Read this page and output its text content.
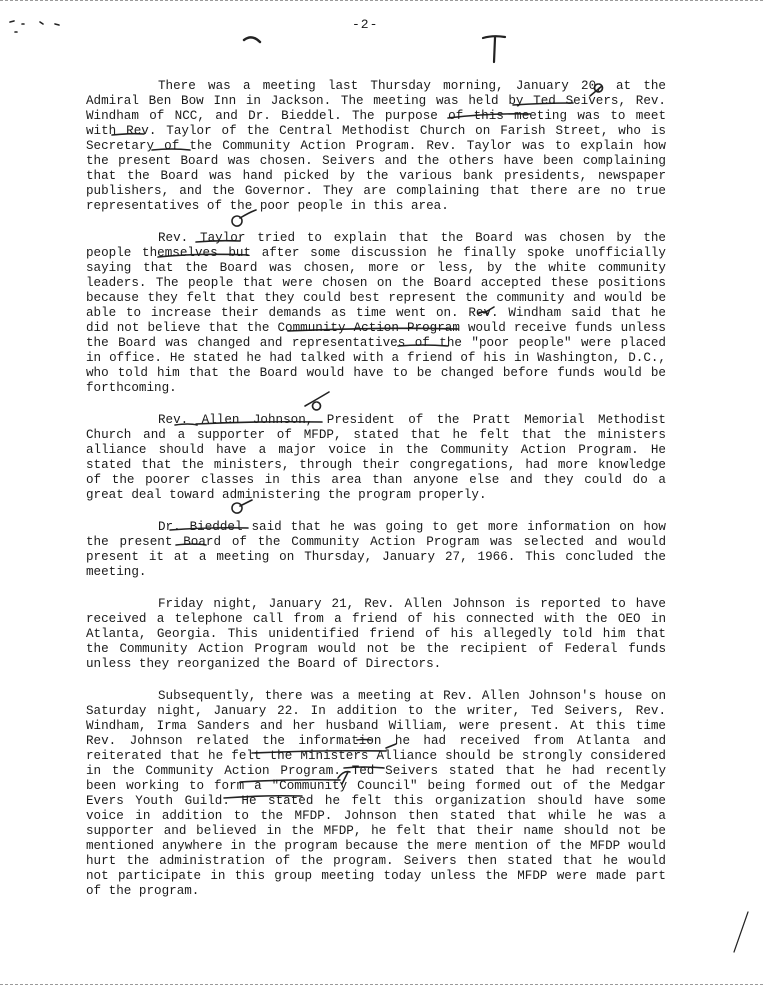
-2-

There was a meeting last Thursday morning, January 20, at the Admiral Ben Bow Inn in Jackson. The meeting was held by Ted Seivers, Rev. Windham of NCC, and Dr. Bieddel. The purpose of this meeting was to meet with Rev. Taylor of the Central Methodist Church on Farish Street, who is Secretary of the Community Action Program. Rev. Taylor was to explain how the present Board was chosen. Seivers and the others have been complaining that the Board was hand picked by the various bank presidents, newspaper publishers, and the Governor. They are complaining that there are no true representatives of the poor people in this area.

Rev. Taylor tried to explain that the Board was chosen by the people themselves but after some discussion he finally spoke unofficially saying that the Board was chosen, more or less, by the white community leaders. The people that were chosen on the Board accepted these positions because they felt that they could best represent the community and would be able to increase their demands as time went on. Rev. Windham said that he did not believe that the Community Action Program would receive funds unless the Board was changed and representatives of the "poor people" were placed in office. He stated he had talked with a friend of his in Washington, D.C., who told him that the Board would have to be changed before funds would be forthcoming.

Rev. Allen Johnson, President of the Pratt Memorial Methodist Church and a supporter of MFDP, stated that he felt that the ministers alliance should have a major voice in the Community Action Program. He stated that the ministers, through their congregations, had more knowledge of the poorer classes in this area than anyone else and they could do a great deal toward administering the program properly.

Dr. Bieddel said that he was going to get more information on how the present Board of the Community Action Program was selected and would present it at a meeting on Thursday, January 27, 1966. This concluded the meeting.

Friday night, January 21, Rev. Allen Johnson is reported to have received a telephone call from a friend of his connected with the OEO in Atlanta, Georgia. This unidentified friend of his allegedly told him that the Community Action Program would not be the recipient of Federal funds unless they reorganized the Board of Directors.

Subsequently, there was a meeting at Rev. Allen Johnson's house on Saturday night, January 22. In addition to the writer, Ted Seivers, Rev. Windham, Irma Sanders and her husband William, were present. At this time Rev. Johnson related the information he had received from Atlanta and reiterated that he felt the Ministers Alliance should be strongly considered in the Community Action Program. Ted Seivers stated that he had recently been working to form a "Community Council" being formed out of the Medgar Evers Youth Guild. He stated he felt this organization should have some voice in addition to the MFDP. Johnson then stated that while he was a supporter and believed in the MFDP, he felt that their name should not be mentioned anywhere in the program because the mere mention of the MFDP would hurt the administration of the program. Seivers then stated that he would not participate in this group meeting today unless the MFDP were made part of the program.
